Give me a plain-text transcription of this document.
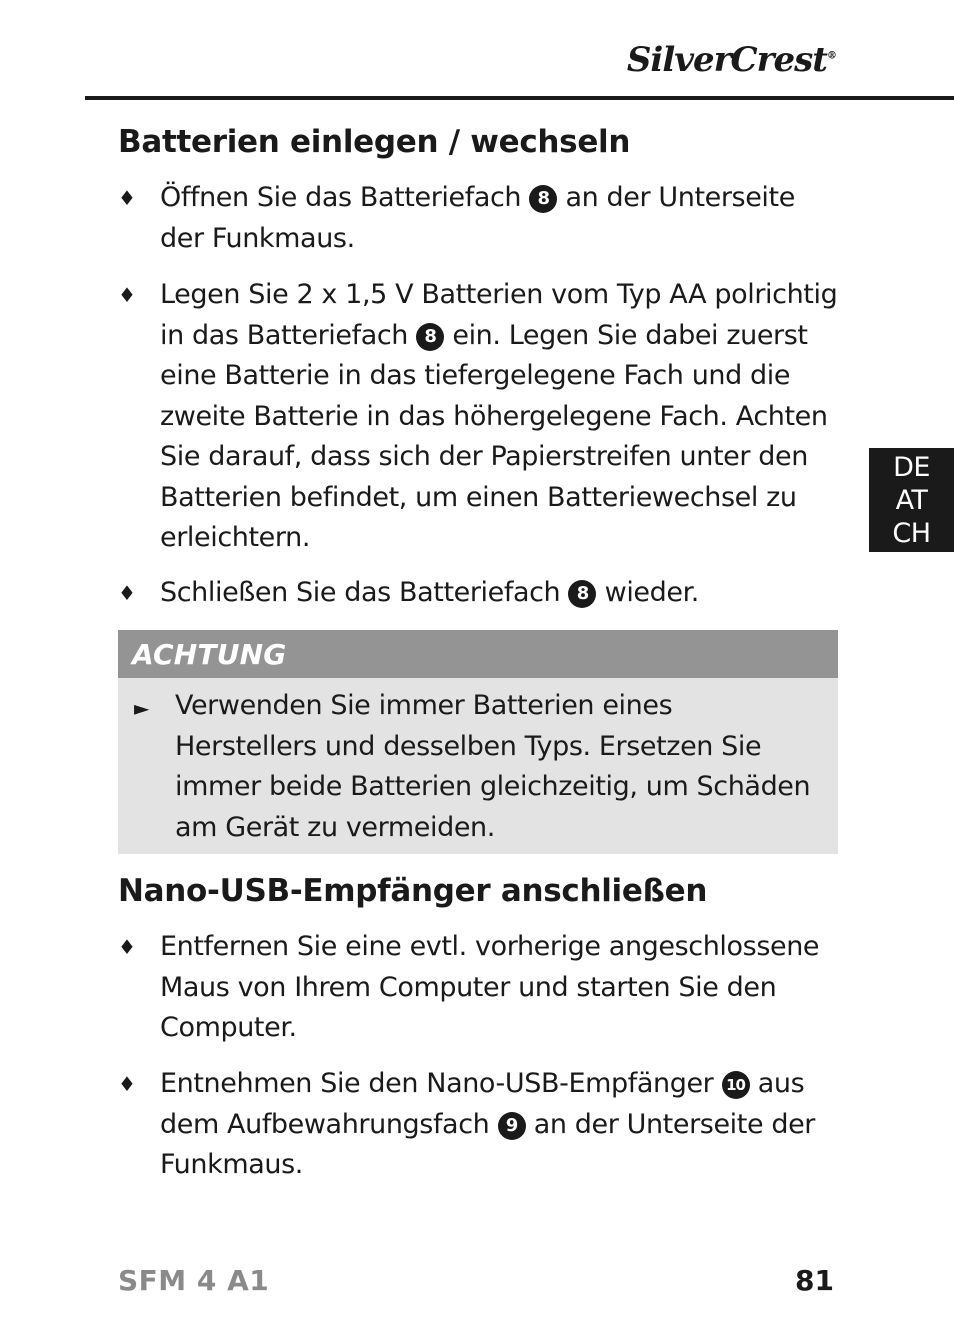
SilverCrest®
DE
AT
CH
Batterien einlegen / wechseln
♦ Öffnen Sie das Batteriefach 8 an der Unterseite der Funkmaus.
♦ Legen Sie 2 x 1,5 V Batterien vom Typ AA polrichtig in das Batteriefach 8 ein. Legen Sie dabei zuerst eine Batterie in das tiefergelegene Fach und die zweite Batterie in das höhergelegene Fach. Achten Sie darauf, dass sich der Papierstreifen unter den Batterien befindet, um einen Batteriewechsel zu erleichtern.
♦ Schließen Sie das Batteriefach 8 wieder.
ACHTUNG
► Verwenden Sie immer Batterien eines Herstellers und desselben Typs. Ersetzen Sie immer beide Batterien gleichzeitig, um Schäden am Gerät zu vermeiden.
Nano-USB-Empfänger anschließen
♦ Entfernen Sie eine evtl. vorherige angeschlossene Maus von Ihrem Computer und starten Sie den Computer.
♦ Entnehmen Sie den Nano-USB-Empfänger 10 aus dem Aufbewahrungsfach 9 an der Unterseite der Funkmaus.
SFM 4 A1	81
